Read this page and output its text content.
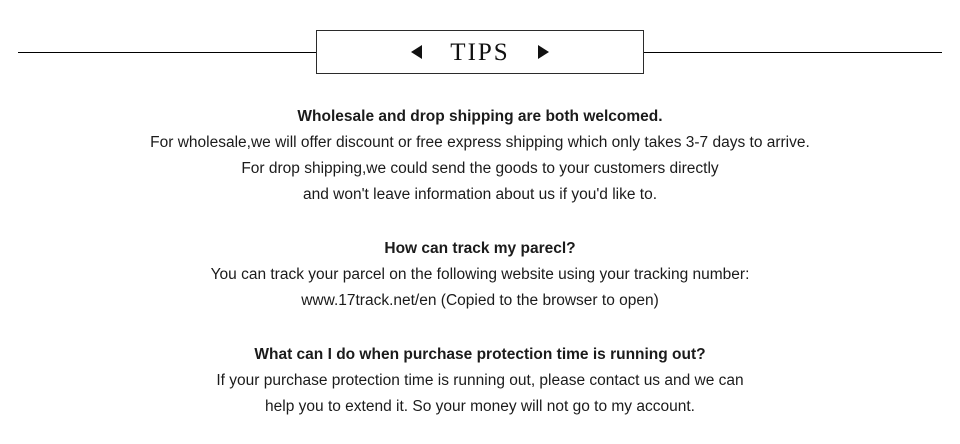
TIPS
Wholesale and drop shipping are both welcomed.
For wholesale,we will offer discount or free express shipping which only takes 3-7 days to arrive.
For drop shipping,we could send the goods to your customers directly
and won't leave information about us if you'd like to.
How can track my parecl?
You can track your parcel on the following website using your tracking number:
www.17track.net/en (Copied to the browser to open)
What can I do when purchase protection time is running out?
If your purchase protection time is running out, please contact us and we can
help you to extend it. So your money will not go to my account.
